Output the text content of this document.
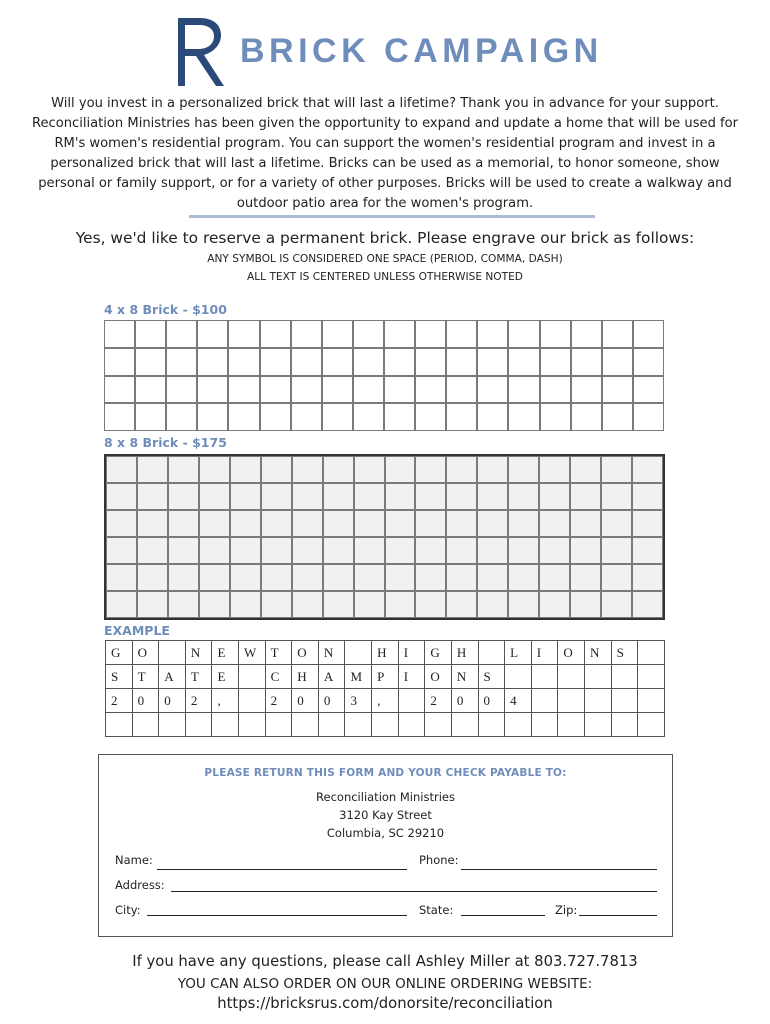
BRICK CAMPAIGN
Will you invest in a personalized brick that will last a lifetime? Thank you in advance for your support.
Reconciliation Ministries has been given the opportunity to expand and update a home that will be used for
RM's women's residential program. You can support the women's residential program and invest in a
personalized brick that will last a lifetime. Bricks can be used as a memorial, to honor someone, show
personal or family support, or for a variety of other purposes. Bricks will be used to create a walkway and
outdoor patio area for the women's program.
Yes, we'd like to reserve a permanent brick. Please engrave our brick as follows:
ANY SYMBOL IS CONSIDERED ONE SPACE (PERIOD, COMMA, DASH)
ALL TEXT IS CENTERED UNLESS OTHERWISE NOTED
4 x 8 Brick - $100
8 x 8 Brick - $175
EXAMPLE
G	O		N	E	W	T	O	N		H	I	G	H		L	I	O	N	S	
S	T	A	T	E		C	H	A	M	P	I	O	N	S						
2	0	0	2	,		2	0	0	3	,		2	0	0	4					

PLEASE RETURN THIS FORM AND YOUR CHECK PAYABLE TO:
Reconciliation Ministries
3120 Kay Street
Columbia, SC 29210
Name:	Phone:
Address:
City:	State:	Zip:
If you have any questions, please call Ashley Miller at 803.727.7813
YOU CAN ALSO ORDER ON OUR ONLINE ORDERING WEBSITE:
https://bricksrus.com/donorsite/reconciliation
